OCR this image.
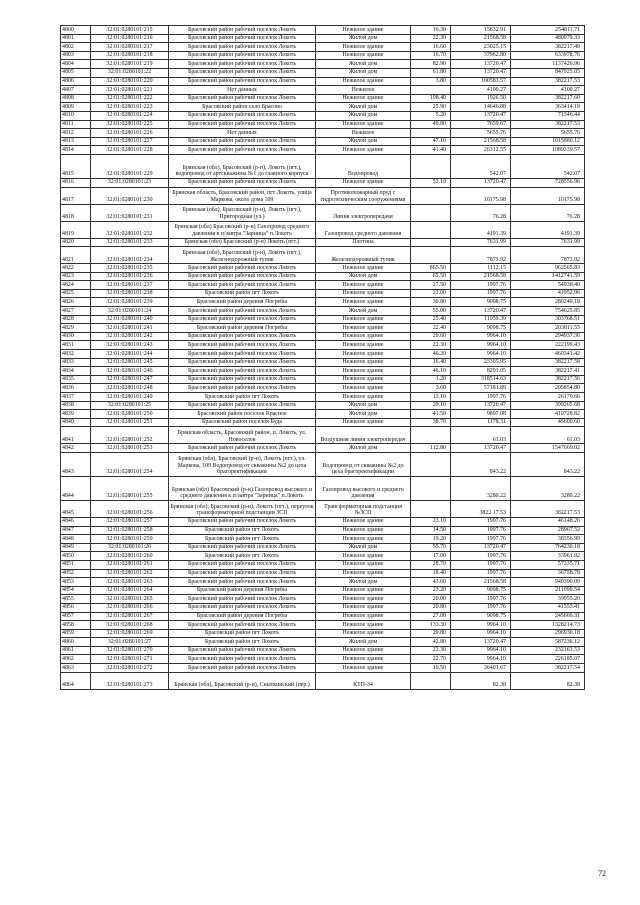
4800	32:01:0280101:215	Брасовский район рабочий поселок Локоть	Нежилое здание	16.30	15632.91	254811.71
4801	32:01:0280101:216	Брасовский район рабочий поселок Локоть	Жилой дом	22.30	21568.58	480979.33
4802	32:01:0280101:217	Брасовский район рабочий поселок Локоть	Нежилое здание	16.60	23025.15	382217.49
4803	32:01:0280101:218	Брасовский район рабочий поселок Локоть	Нежилое здание	16.70	37962.80	633978.76
4804	32:01:0280101:219	Брасовский район рабочий поселок Локоть	Жилой дом	82.90	13720.47	1137426.96
4805	32:01:0280101:22	Брасовский район рабочий поселок Локоть	Жилой дом	61.80	13720.47	847925.05
4806	32:01:0280101:220	Брасовский район рабочий поселок Локоть	Нежилое здание	3.80	100583.57	382217.53
4807	32:01:0280101:221	Нет данных	Нежилое		4100.27	4100.27
4808	32:01:0280101:222	Брасовский район рабочий поселок Локоть	Нежилое здание	198.40	1926.50	382217.60
4809	32:01:0280101:223	Брасовский район село Брасово	Жилой дом	25.90	14646.88	363414.19
4810	32:01:0280101:224	Брасовский район рабочий поселок Локоть	Жилой дом	5.20	13720.47	71346.44
4811	32:01:0280101:225	Брасовский район рабочий поселок Локоть	Нежилое здание	49.80	7659.67	382217.53
4812	32:01:0280101:226	Нет данных	Нежилое		5655.76	5655.76
4813	32:01:0280101:227	Брасовский район рабочий поселок Локоть	Жилой дом	47.10	21568.58	1015880.12
4814	32:01:0280101:228	Брасовский район рабочий поселок Локоть	Нежилое здание	41.40	26312.55	1089339.57
4815	32:01:0280101:229	Брянская (обл), Брасовский (р-н), Локоть (пгт.), водопровод от артскважины №1 до главного корпуса	Водопровод		542.07	542.07
4816	32:01:0280101:23	Брасовский район рабочий поселок Локоть	Нежилое здание	53.10	13720.47	728556.96
4817	32:01:0280101:230	Брянская область, Брасовский район, пгт Локоть, улица Маркова, около дома 109	Противопожарный пруд с гидротехническим сооружениями		10175.98	10175.98
4818	32:01:0280101:231	Брянская (обл), Брасовский (р-н), Локоть (пгт.), Пригородная (ул.)	Линия электропередачи		76.28	76.28
4819	32:01:0280101:232	Брянская (обл) Брасовский (р-н) Газопровод среднего давления в п/завтра "Зарница" п.Локоть	Газопровод среднего давления		4191.39	4191.39
4820	32:01:0280101:233	Брянская (обл) Брасовский (р-н) Локоть (пгт.)	Плотина		7631.99	7631.99
4821	32:01:0280101:234	Брянская (обл), Брасовский (р-н), Локоть (пгт.), Железнодорожный тупик	Железнодорожный тупик		7873.92	7873.92
4822	32:01:0280101:235	Брасовский район рабочий поселок Локоть	Нежилое здание	865.50	1112.15	962565.83
4823	32:01:0280101:236	Брасовский район рабочий поселок Локоть	Жилой дом	65.50	21568.58	1412741.59
4824	32:01:0280101:237	Брасовский район рабочий поселок Локоть	Нежилое здание	27.50	1997.76	54938.40
4825	32:01:0280101:238	Брасовский район пгт Локоть	Нежилое здание	21.00	1997.76	41952.96
4826	32:01:0280101:239	Брасовский район деревня Погребы	Нежилое здание	30.80	9098.75	280240.18
4827	32:01:0280101:24	Брасовский район рабочий поселок Локоть	Жилой дом	55.00	13720.47	754625.85
4828	32:01:0280101:240	Брасовский район рабочий поселок Локоть	Нежилое здание	25.40	11959.39	303768.51
4829	32:01:0280101:241	Брасовский район деревня Погребы	Нежилое здание	22.40	9098.75	203811.55
4830	32:01:0280101:242	Брасовский район рабочий поселок Локоть	Нежилое здание	29.60	9964.10	294937.36
4831	32:01:0280101:243	Брасовский район рабочий поселок Локоть	Нежилое здание	22.30	9964.10	222199.43
4832	32:01:0280101:244	Брасовский район рабочий поселок Локоть	Нежилое здание	46.20	9964.10	460341.42
4833	32:01:0280101:245	Брасовский район рабочий поселок Локоть	Нежилое здание	16.40	23305.95	382217.58
4834	32:01:0280101:246	Брасовский район рабочий поселок Локоть	Нежилое здание	46.10	8291.05	382217.41
4835	32:01:0280101:247	Брасовский район рабочий поселок Локоть	Нежилое здание	1.20	318514.63	382217.56
4836	32:01:0280101:248	Брасовский район рабочий поселок Локоть	Нежилое здание	3.60	57181.89	205854.80
4837	32:01:0280101:249	Брасовский район пгт Локоть	Нежилое здание	13.10	1997.76	26170.66
4838	32:01:0280101:25	Брасовский район рабочий поселок Локоть	Жилой дом	29.10	13720.47	399265.68
4839	32:01:0280101:250	Брасовский район поселок Красное	Жилой дом	41.50	9897.08	410728.82
4840	32:01:0280101:251	Брасовский район поселок Буда	Нежилое здание	38.70	1178.31	45600.60
4841	32:01:0280101:252	Брянская область, Брасовский район, п. Локоть, ул. Новоселов	Воздушная линия электропередач		61.03	61.03
4842	32:01:0280101:253	Брасовский район рабочий поселок Локоть	Жилой дом	112.80	13720.47	1547669.02
4843	32:01:0280101:254	Брянская (обл), Брасовский (р-н), Локоть (пгт.), ул. Маркова, 109 Водопровод от скважины №2 до цеха брагоректификации	Водопровод от скважины №2 до цеха брагоректификации		843.22	843.22
4844	32:01:0280101:255	Брянская (обл) Брасовский (р-н) Газопровод высокого и среднего давления к п/завтра "Зарница" п.Локоть	Газопровод высокого и среднего давления		3280.22	3280.22
4845	32:01:0280101:256	Брянская (обл), Брасовский (р-н), Локоть (пгт.), переулок трансформаторной подстанции ЗСП	Трансформаторная подстанция №ЗСП		3822 17.53	382217.53
4846	32:01:0280101:257	Брасовский район рабочий поселок Локоть	Нежилое здание	23.10	1997.76	46148.26
4847	32:01:0280101:258	Брасовский район пгт Локоть	Нежилое здание	14.50	1997.76	28967.52
4848	32:01:0280101:259	Брасовский район пгт Локоть	Нежилое здание	19.20	1997.76	38356.99
4849	32:01:0280101:26	Брасовский район рабочий поселок Локоть	Жилой дом	55.70	13720.47	764230.18
4850	32:01:0280101:260	Брасовский район пгт Локоть	Нежилое здание	17.00	1997.76	33961.92
4851	32:01:0280101:261	Брасовский район рабочий поселок Локоть	Нежилое здание	28.70	1997.76	57335.71
4852	32:01:0280101:262	Брасовский район рабочий поселок Локоть	Нежилое здание	18.40	1997.76	36758.78
4853	32:01:0280101:263	Брасовский район рабочий поселок Локоть	Жилой дом	43.60	21568.58	940390.09
4854	32:01:0280101:264	Брасовский район деревня Погребы	Нежилое здание	23.20	9098.75	211090.54
4855	32:01:0280101:265	Брасовский район рабочий поселок Локоть	Нежилое здание	20.00	1997.76	39955.20
4856	32:01:0280101:266	Брасовский район рабочий поселок Локоть	Нежилое здание	20.80	1997.76	41553.41
4857	32:01:0280101:267	Брасовский район деревня Погребы	Нежилое здание	27.00	9098.75	245666.31
4858	32:01:0280101:268	Брасовский район рабочий поселок Локоть	Нежилое здание	133.30	9964.10	1328214.73
4859	32:01:0280101:269	Брасовский район пгт Локоть	Нежилое здание	29.80	9964.10	296930.18
4860	32:01:0280101:27	Брасовский район пгт Локоть	Жилой дом	42.80	13720.47	587236.12
4861	32:01:0280101:270	Брасовский район рабочий поселок Локоть	Нежилое здание	23.30	9964.10	232163.53
4862	32:01:0280101:271	Брасовский район рабочий поселок Локоть	Нежилое здание	22.70	9964.10	226185.07
4863	32:01:0280101:272	Брасовский район рабочий поселок Локоть	Нежилое здание	10.50	36401.67	382217.54
4864	32:01:0280101:273	Брянская (обл), Брасовский (р-н), Сныткинский (пер.)	КТП-34		82.38	82.38
72
